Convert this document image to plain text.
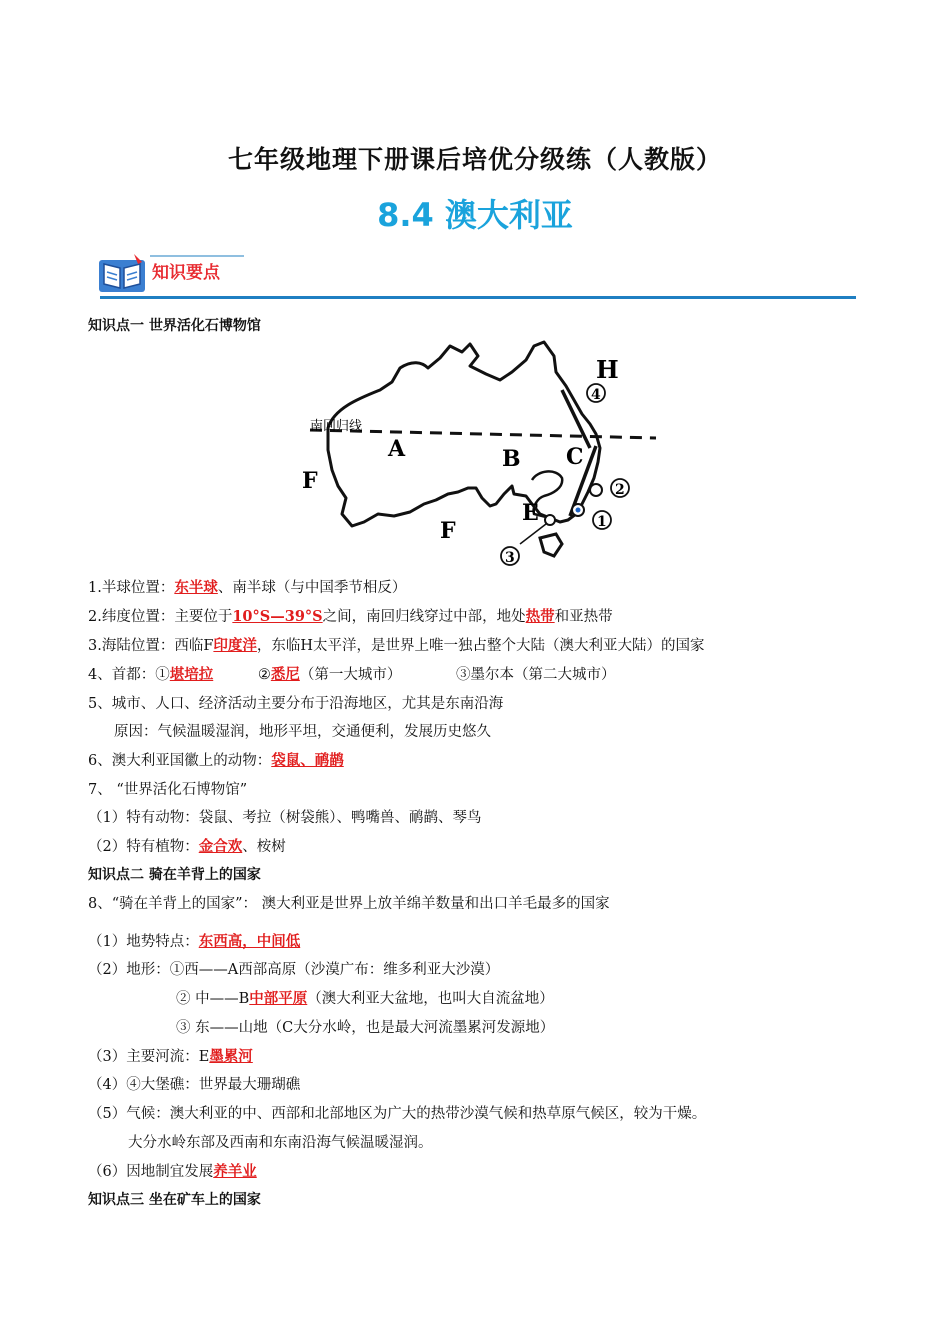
七年级地理下册课后培优分级练（人教版）
8.4 澳大利亚
知识要点
知识点一 世界活化石博物馆
南回归线
A	B C
E
F
F
H
4
2
1
3
1.半球位置：东半球、南半球（与中国季节相反）
2.纬度位置：主要位于10°S—39°S之间，南回归线穿过中部，地处热带和亚热带
3.海陆位置：西临F印度洋，东临H太平洋，是世界上唯一独占整个大陆（澳大利亚大陆）的国家
4、首都：①堪培拉	②悉尼（第一大城市）	③墨尔本（第二大城市）
5、城市、人口、经济活动主要分布于沿海地区，尤其是东南沿海
原因：气候温暖湿润，地形平坦，交通便利，发展历史悠久
6、澳大利亚国徽上的动物：袋鼠、鸸鹋
7、 “世界活化石博物馆”
（1）特有动物：袋鼠、考拉（树袋熊）、鸭嘴兽、鸸鹋、琴鸟
（2）特有植物：金合欢、桉树
知识点二 骑在羊背上的国家
8、“骑在羊背上的国家”： 澳大利亚是世界上放羊绵羊数量和出口羊毛最多的国家
（1）地势特点：东西高，中间低
（2）地形：①西——A西部高原（沙漠广布：维多利亚大沙漠）
② 中——B中部平原（澳大利亚大盆地，也叫大自流盆地）
③ 东——山地（C大分水岭，也是最大河流墨累河发源地）
（3）主要河流：E墨累河
（4）④大堡礁：世界最大珊瑚礁
（5）气候：澳大利亚的中、西部和北部地区为广大的热带沙漠气候和热草原气候区，较为干燥。
大分水岭东部及西南和东南沿海气候温暖湿润。
（6）因地制宜发展养羊业
知识点三 坐在矿车上的国家
